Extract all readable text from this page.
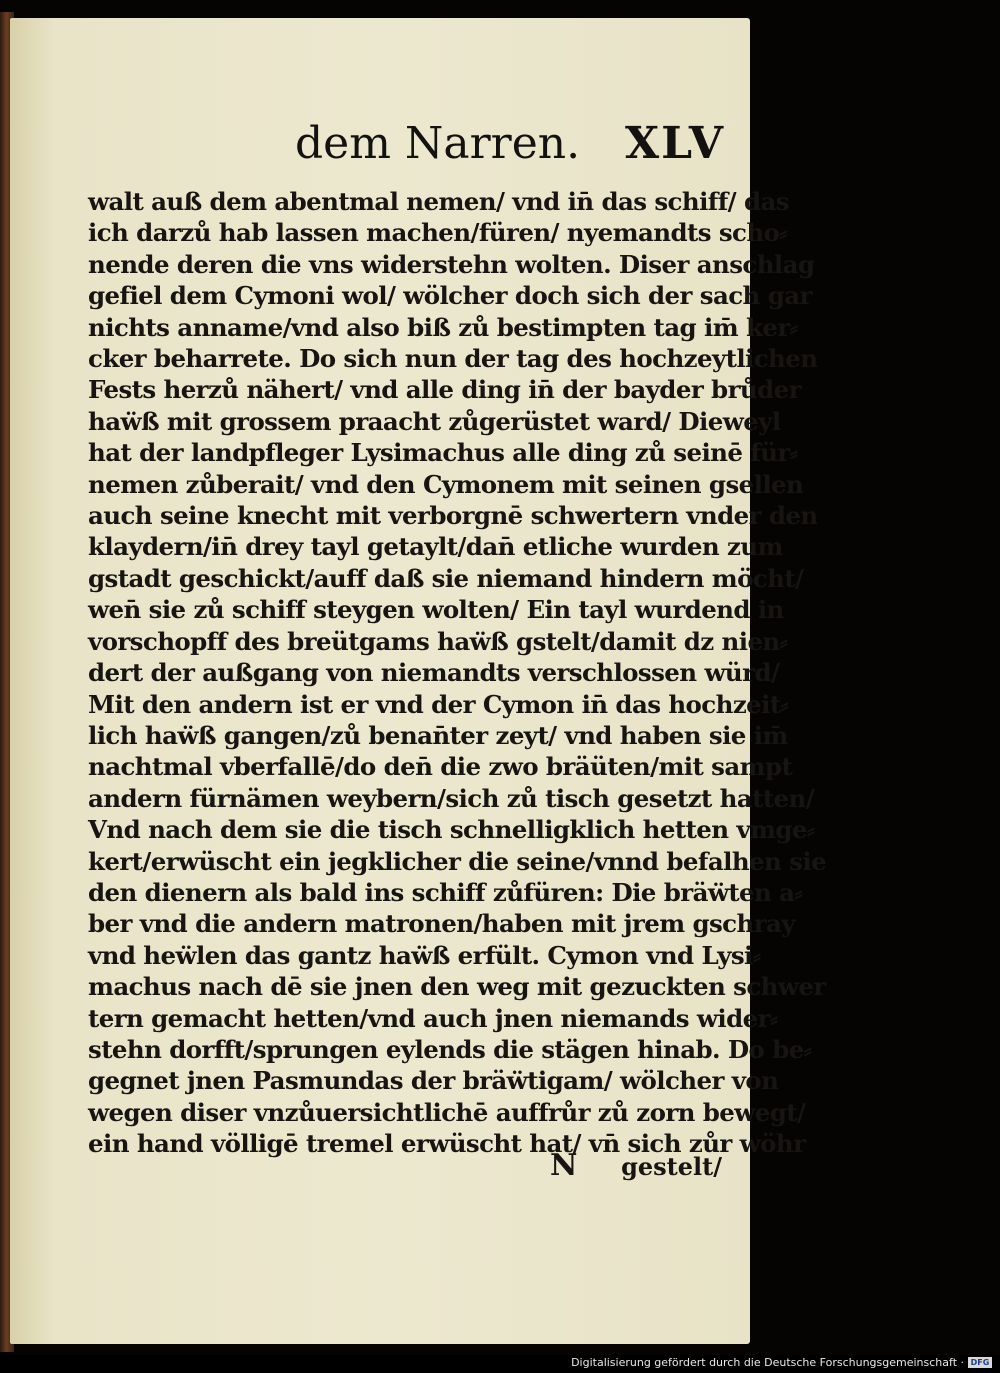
dem Narren. XLV
walt auß dem abentmal nemen/ vnd in̄ das schiff/ das
ich darzů hab lassen machen/füren/ nyemandts scho⸗
nende deren die vns widerstehn wolten. Diser anschlag
gefiel dem Cymoni wol/ wölcher doch sich der sach gar
nichts anname/vnd also biß zů bestimpten tag im̄ ker⸗
cker beharrete. Do sich nun der tag des hochzeytlichen
Fests herzů nähert/ vnd alle ding in̄ der bayder brůder
haẅß mit grossem praacht zůgerüstet ward/ Dieweyl
hat der landpfleger Lysimachus alle ding zů seinē für⸗
nemen zůberait/ vnd den Cymonem mit seinen gsellen
auch seine knecht mit verborgnē schwertern vnder den
klaydern/in̄ drey tayl getaylt/dan̄ etliche wurden zum
gstadt geschickt/auff daß sie niemand hindern möcht/
wen̄ sie zů schiff steygen wolten/ Ein tayl wurdend in
vorschopff des breütgams haẅß gstelt/damit dz nien⸗
dert der außgang von niemandts verschlossen würd/
Mit den andern ist er vnd der Cymon in̄ das hochzeit⸗
lich haẅß gangen/zů benan̄ter zeyt/ vnd haben sie im̄
nachtmal vberfallē/do den̄ die zwo bräüten/mit sampt
andern fürnämen weybern/sich zů tisch gesetzt hatten/
Vnd nach dem sie die tisch schnelligklich hetten vmge⸗
kert/erwüscht ein jegklicher die seine/vnnd befalhen sie
den dienern als bald ins schiff zůfüren: Die bräẅten a⸗
ber vnd die andern matronen/haben mit jrem gschray
vnd heẅlen das gantz haẅß erfült. Cymon vnd Lysi⸗
machus nach dē sie jnen den weg mit gezuckten schwer
tern gemacht hetten/vnd auch jnen niemands wider⸗
stehn dorfft/sprungen eylends die stägen hinab. Do be⸗
gegnet jnen Pasmundas der bräẅtigam/ wölcher von
wegen diser vnzůuersichtlichē auffrůr zů zorn bewegt/
ein hand völligē tremel erwüscht hat/ vn̄ sich zůr wöhr
N gestelt/
Digitalisierung gefördert durch die Deutsche Forschungsgemeinschaft · DFG
